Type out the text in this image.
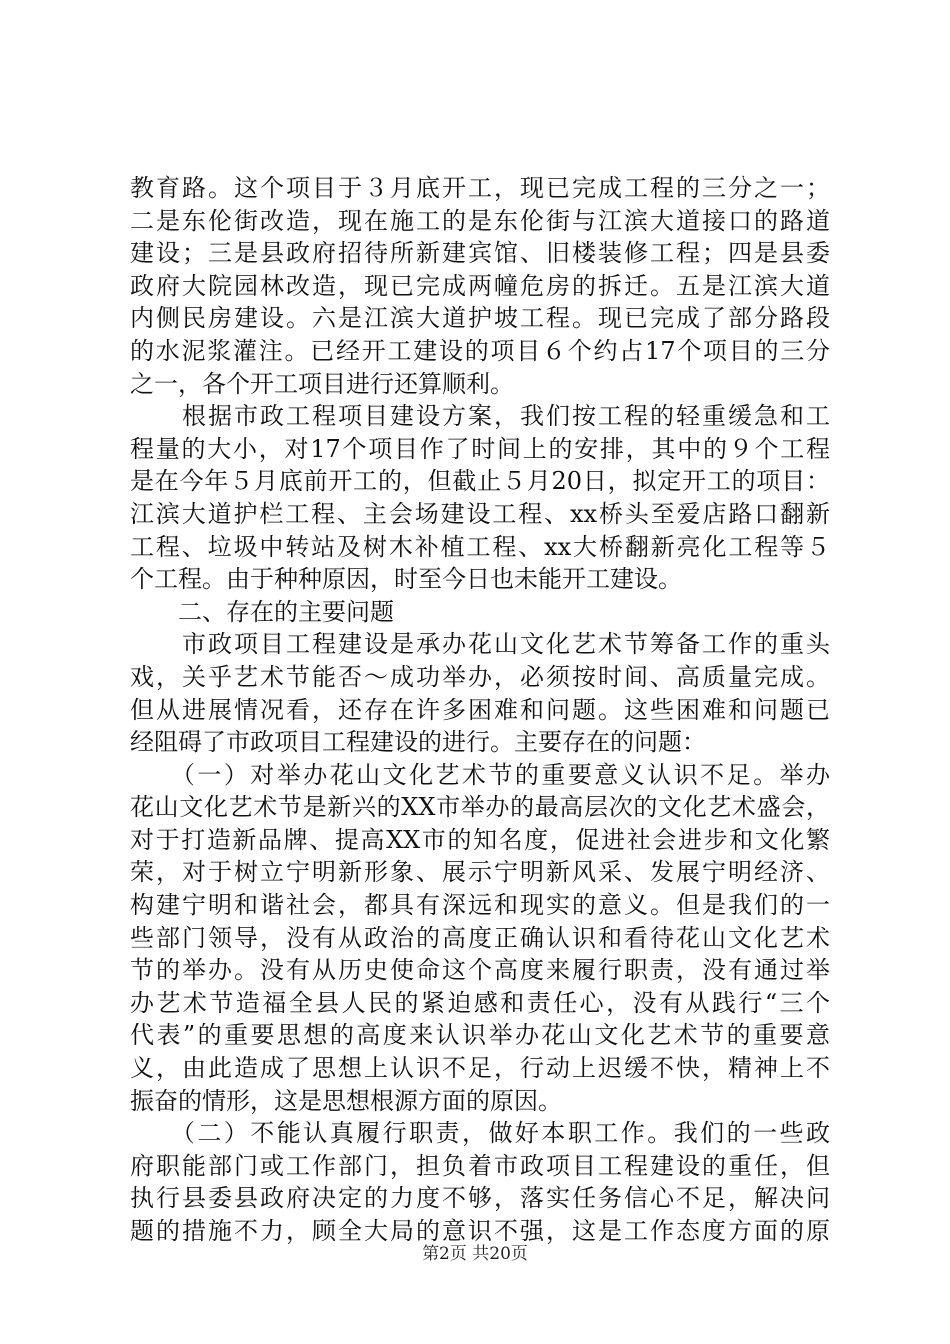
教育路。这个项目于３月底开工，现已完成工程的三分之一；
二是东伦街改造，现在施工的是东伦街与江滨大道接口的路道
建设；三是县政府招待所新建宾馆、旧楼装修工程；四是县委
政府大院园林改造，现已完成两幢危房的拆迁。五是江滨大道
内侧民房建设。六是江滨大道护坡工程。现已完成了部分路段
的水泥浆灌注。已经开工建设的项目６个约占17个项目的三分
之一，各个开工项目进行还算顺利。
　　根据市政工程项目建设方案，我们按工程的轻重缓急和工
程量的大小，对17个项目作了时间上的安排，其中的９个工程
是在今年５月底前开工的，但截止５月20日，拟定开工的项目：
江滨大道护栏工程、主会场建设工程、xx桥头至爱店路口翻新
工程、垃圾中转站及树木补植工程、xx大桥翻新亮化工程等５
个工程。由于种种原因，时至今日也未能开工建设。
　　二、存在的主要问题
　　市政项目工程建设是承办花山文化艺术节筹备工作的重头
戏，关乎艺术节能否～成功举办，必须按时间、高质量完成。
但从进展情况看，还存在许多困难和问题。这些困难和问题已
经阻碍了市政项目工程建设的进行。主要存在的问题：
　　（一）对举办花山文化艺术节的重要意义认识不足。举办
花山文化艺术节是新兴的XX市举办的最高层次的文化艺术盛会，
对于打造新品牌、提高XX市的知名度，促进社会进步和文化繁
荣，对于树立宁明新形象、展示宁明新风采、发展宁明经济、
构建宁明和谐社会，都具有深远和现实的意义。但是我们的一
些部门领导，没有从政治的高度正确认识和看待花山文化艺术
节的举办。没有从历史使命这个高度来履行职责，没有通过举
办艺术节造福全县人民的紧迫感和责任心，没有从践行“三个
代表”的重要思想的高度来认识举办花山文化艺术节的重要意
义，由此造成了思想上认识不足，行动上迟缓不快，精神上不
振奋的情形，这是思想根源方面的原因。
　　（二）不能认真履行职责，做好本职工作。我们的一些政
府职能部门或工作部门，担负着市政项目工程建设的重任，但
执行县委县政府决定的力度不够，落实任务信心不足，解决问
题的措施不力，顾全大局的意识不强，这是工作态度方面的原
第2页 共20页
